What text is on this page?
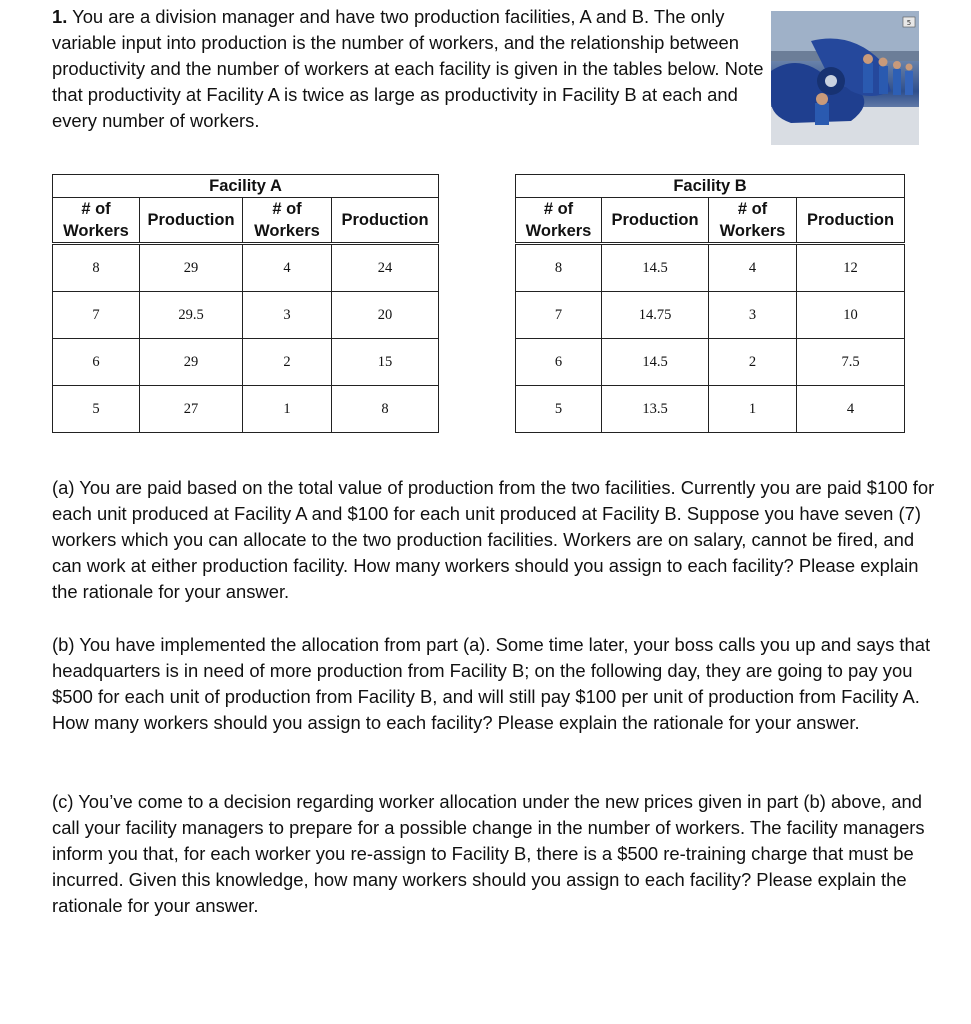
1. You are a division manager and have two production facilities, A and B. The only variable input into production is the number of workers, and the relationship between productivity and the number of workers at each facility is given in the tables below. Note that productivity at Facility A is twice as large as productivity in Facility B at each and every number of workers.

5
Facility A			
# of Workers	Production	# of Workers	Production
8	29	4	24
7	29.5	3	20
6	29	2	15
5	27	1	8
Facility B			
# of Workers	Production	# of Workers	Production
8	14.5	4	12
7	14.75	3	10
6	14.5	2	7.5
5	13.5	1	4

(a) You are paid based on the total value of production from the two facilities. Currently you are paid $100 for each unit produced at Facility A and $100 for each unit produced at Facility B. Suppose you have seven (7) workers which you can allocate to the two production facilities. Workers are on salary, cannot be fired, and can work at either production facility. How many workers should you assign to each facility? Please explain the rationale for your answer.

(b) You have implemented the allocation from part (a). Some time later, your boss calls you up and says that headquarters is in need of more production from Facility B; on the following day, they are going to pay you $500 for each unit of production from Facility B, and will still pay $100 per unit of production from Facility A. How many workers should you assign to each facility? Please explain the rationale for your answer.

(c) You’ve come to a decision regarding worker allocation under the new prices given in part (b) above, and call your facility managers to prepare for a possible change in the number of workers. The facility managers inform you that, for each worker you re-assign to Facility B, there is a $500 re-training charge that must be incurred. Given this knowledge, how many workers should you assign to each facility? Please explain the rationale for your answer.
